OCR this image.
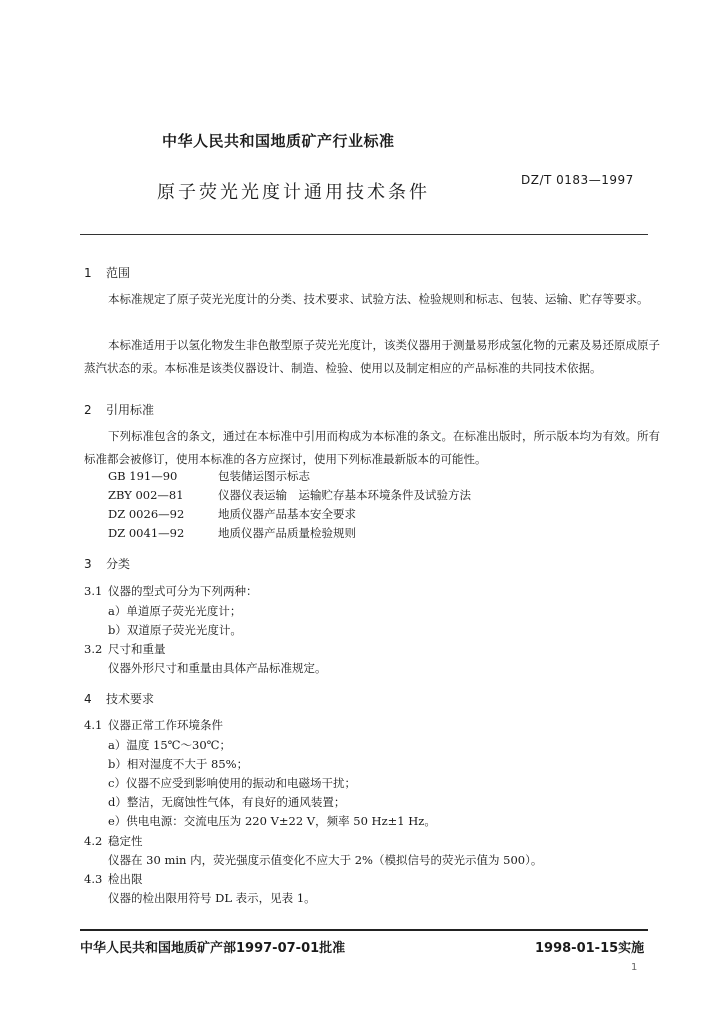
中华人民共和国地质矿产行业标准
原子荧光光度计通用技术条件
DZ/T 0183—1997
1 范围
本标准规定了原子荧光光度计的分类、技术要求、试验方法、检验规则和标志、包装、运输、贮存等要求。
本标准适用于以氢化物发生非色散型原子荧光光度计，该类仪器用于测量易形成氢化物的元素及易还原成原子蒸汽状态的汞。本标准是该类仪器设计、制造、检验、使用以及制定相应的产品标准的共同技术依据。
2 引用标准
下列标准包含的条文，通过在本标准中引用而构成为本标准的条文。在标准出版时，所示版本均为有效。所有标准都会被修订，使用本标准的各方应探讨，使用下列标准最新版本的可能性。
GB 191—90	包装储运图示标志
ZBY 002—81	仪器仪表运输　运输贮存基本环境条件及试验方法
DZ 0026—92	地质仪器产品基本安全要求
DZ 0041—92	地质仪器产品质量检验规则
3 分类
3.1 仪器的型式可分为下列两种：
a）单道原子荧光光度计；
b）双道原子荧光光度计。
3.2 尺寸和重量
仪器外形尺寸和重量由具体产品标准规定。
4 技术要求
4.1 仪器正常工作环境条件
a）温度 15℃～30℃；
b）相对湿度不大于 85%；
c）仪器不应受到影响使用的振动和电磁场干扰；
d）整洁，无腐蚀性气体，有良好的通风装置；
e）供电电源：交流电压为 220 V±22 V，频率 50 Hz±1 Hz。
4.2 稳定性
仪器在 30 min 内，荧光强度示值变化不应大于 2%（模拟信号的荧光示值为 500）。
4.3 检出限
仪器的检出限用符号 DL 表示，见表 1。
中华人民共和国地质矿产部1997-07-01批准	1998-01-15实施
1
